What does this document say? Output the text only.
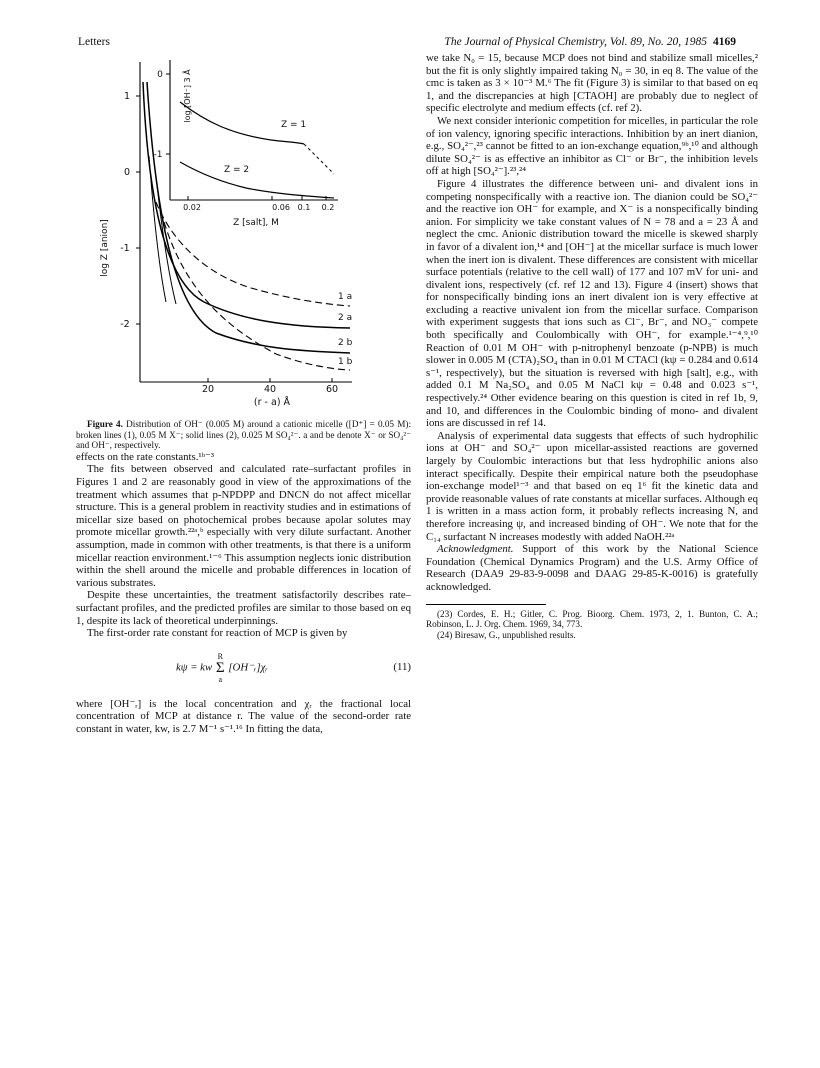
Letters	The Journal of Physical Chemistry, Vol. 89, No. 20, 1985 4169
1
0
-1
-2
20	40	60
(r - a) Å
log Z [anion]
1 a
2 a
2 b
1 b
0
-1
log [OH⁻] 3 Å
0.02	0.06 0.1 0.2
Z [salt], M
Z = 1
Z = 2

Figure 4. Distribution of OH⁻ (0.005 M) around a cationic micelle ([D⁺] = 0.05 M): broken lines (1), 0.05 M X⁻; solid lines (2), 0.025 M SO₄²⁻. a and be denote X⁻ or SO₄²⁻ and OH⁻, respectively.

effects on the rate constants.¹ᵇ⁻³

The fits between observed and calculated rate–surfactant profiles in Figures 1 and 2 are reasonably good in view of the approximations of the treatment which assumes that p-NPDPP and DNCN do not affect micellar structure. This is a general problem in reactivity studies and in estimations of micellar size based on photochemical probes because apolar solutes may promote micellar growth.²²ᵃ,ᵇ especially with very dilute surfactant. Another assumption, made in common with other treatments, is that there is a uniform micellar reaction environment.¹⁻⁶ This assumption neglects ionic distribution within the shell around the micelle and probable differences in location of various substrates.

Despite these uncertainties, the treatment satisfactorily describes rate–surfactant profiles, and the predicted profiles are similar to those based on eq 1, despite its lack of theoretical underpinnings.

The first-order rate constant for reaction of MCP is given by

kψ = kw
R
Σ
a
[OH⁻ᵣ]χᵣ	(11)

where [OH⁻ᵣ] is the local concentration and χᵣ the fractional local concentration of MCP at distance r. The value of the second-order rate constant in water, kw, is 2.7 M⁻¹ s⁻¹.¹⁶ In fitting the data,

we take N₀ = 15, because MCP does not bind and stabilize small micelles,² but the fit is only slightly impaired taking N₀ = 30, in eq 8. The value of the cmc is taken as 3 × 10⁻³ M.⁶ The fit (Figure 3) is similar to that based on eq 1, and the discrepancies at high [CTAOH] are probably due to neglect of specific electrolyte and medium effects (cf. ref 2).

We next consider interionic competition for micelles, in particular the role of ion valency, ignoring specific interactions. Inhibition by an inert dianion, e.g., SO₄²⁻,²³ cannot be fitted to an ion-exchange equation,⁹ᵇ,¹⁰ and although dilute SO₄²⁻ is as effective an inhibitor as Cl⁻ or Br⁻, the inhibition levels off at high [SO₄²⁻].²³,²⁴

Figure 4 illustrates the difference between uni- and divalent ions in competing nonspecifically with a reactive ion. The dianion could be SO₄²⁻ and the reactive ion OH⁻ for example, and X⁻ is a nonspecifically binding anion. For simplicity we take constant values of N = 78 and a = 23 Å and neglect the cmc. Anionic distribution toward the micelle is skewed sharply in favor of a divalent ion,¹⁴ and [OH⁻] at the micellar surface is much lower when the inert ion is divalent. These differences are consistent with micellar surface potentials (relative to the cell wall) of 177 and 107 mV for uni- and divalent ions, respectively (cf. ref 12 and 13). Figure 4 (insert) shows that for nonspecifically binding ions an inert divalent ion is very effective at excluding a reactive univalent ion from the micellar surface. Comparison with experiment suggests that ions such as Cl⁻, Br⁻, and NO₃⁻ compete both specifically and Coulombically with OH⁻, for example.¹⁻⁴,⁹,¹⁰ Reaction of 0.01 M OH⁻ with p-nitrophenyl benzoate (p-NPB) is much slower in 0.005 M (CTA)₂SO₄ than in 0.01 M CTACl (kψ = 0.284 and 0.614 s⁻¹, respectively), but the situation is reversed with high [salt], e.g., with added 0.1 M Na₂SO₄ and 0.05 M NaCl kψ = 0.48 and 0.023 s⁻¹, respectively.²⁴ Other evidence bearing on this question is cited in ref 1b, 9, and 10, and differences in the Coulombic binding of mono- and divalent ions are discussed in ref 14.

Analysis of experimental data suggests that effects of such hydrophilic ions at OH⁻ and SO₄²⁻ upon micellar-assisted reactions are governed largely by Coulombic interactions but that less hydrophilic anions also interact specifically. Despite their empirical nature both the pseudophase ion-exchange model¹⁻³ and that based on eq 1⁶ fit the kinetic data and provide reasonable values of rate constants at micellar surfaces. Although eq 1 is written in a mass action form, it probably reflects increasing N, and therefore increasing ψ, and increased binding of OH⁻. We note that for the C₁₄ surfactant N increases modestly with added NaOH.²²ᵃ

Acknowledgment. Support of this work by the National Science Foundation (Chemical Dynamics Program) and the U.S. Army Office of Research (DAA9 29-83-9-0098 and DAAG 29-85-K-0016) is gratefully acknowledged.

(23) Cordes, E. H.; Gitler, C. Prog. Bioorg. Chem. 1973, 2, 1. Bunton, C. A.; Robinson, L. J. Org. Chem. 1969, 34, 773.

(24) Biresaw, G., unpublished results.
